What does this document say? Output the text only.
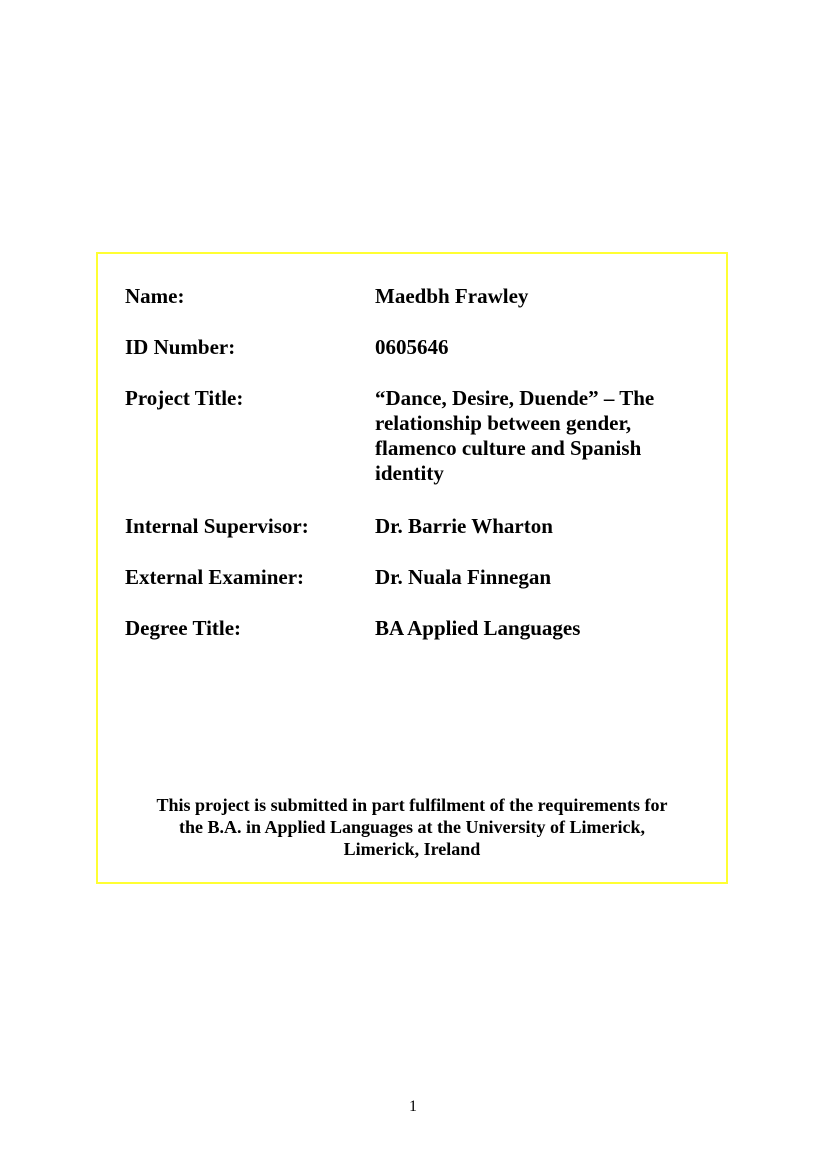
Name:	Maedbh Frawley
ID Number:	0605646
Project Title:	“Dance, Desire, Duende” – The
relationship between gender,
flamenco culture and Spanish
identity
Internal Supervisor:	Dr. Barrie Wharton
External Examiner:	Dr. Nuala Finnegan
Degree Title:	BA Applied Languages
This project is submitted in part fulfilment of the requirements for
the B.A. in Applied Languages at the University of Limerick,
Limerick, Ireland
1
